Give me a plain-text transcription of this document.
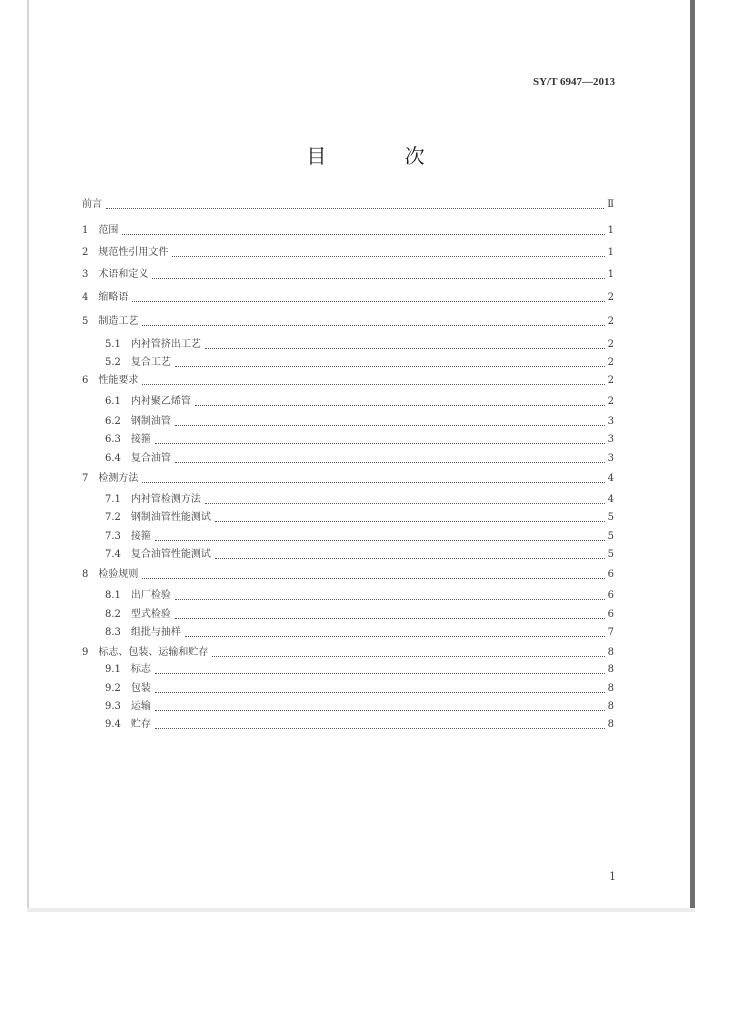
SY/T 6947—2013
目 次
前言	Ⅱ
1 范围	1
2 规范性引用文件	1
3 术语和定义	1
4 缩略语	2
5 制造工艺	2
5.1 内衬管挤出工艺	2
5.2 复合工艺	2
6 性能要求	2
6.1 内衬聚乙烯管	2
6.2 钢制油管	3
6.3 接箍	3
6.4 复合油管	3
7 检测方法	4
7.1 内衬管检测方法	4
7.2 钢制油管性能测试	5
7.3 接箍	5
7.4 复合油管性能测试	5
8 检验规则	6
8.1 出厂检验	6
8.2 型式检验	6
8.3 组批与抽样	7
9 标志、包装、运输和贮存	8
9.1 标志	8
9.2 包装	8
9.3 运输	8
9.4 贮存	8
1
